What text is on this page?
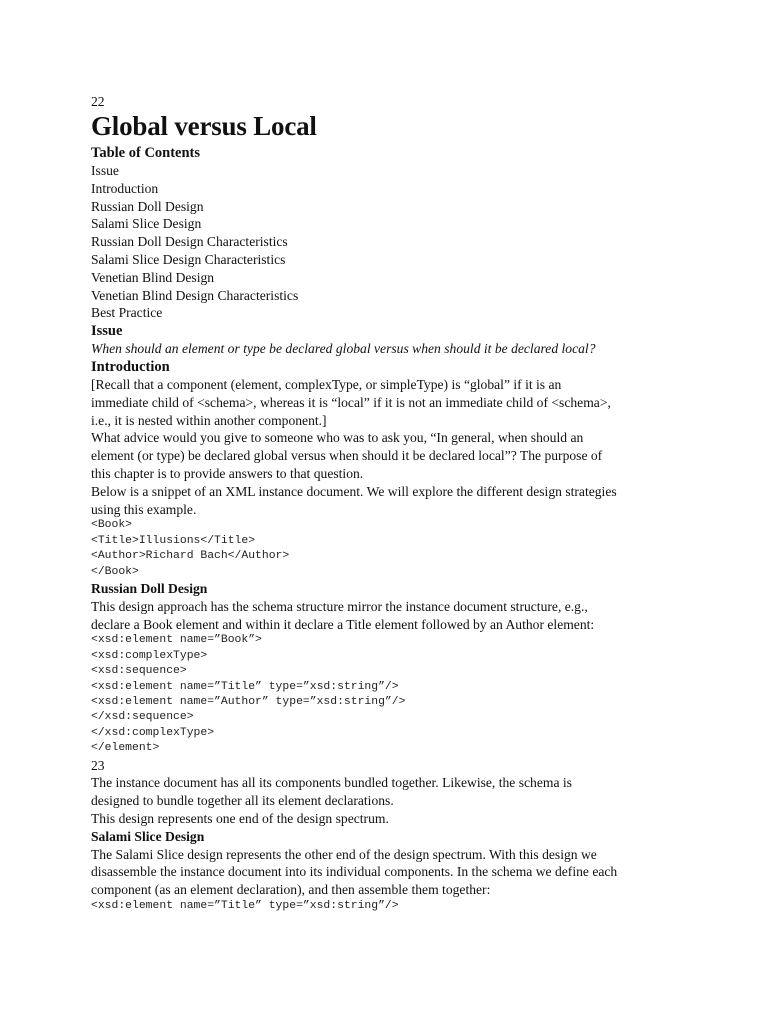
22
Global versus Local
Table of Contents
Issue
Introduction
Russian Doll Design
Salami Slice Design
Russian Doll Design Characteristics
Salami Slice Design Characteristics
Venetian Blind Design
Venetian Blind Design Characteristics
Best Practice
Issue
When should an element or type be declared global versus when should it be declared local?
Introduction
[Recall that a component (element, complexType, or simpleType) is “global” if it is an
immediate child of <schema>, whereas it is “local” if it is not an immediate child of <schema>,
i.e., it is nested within another component.]
What advice would you give to someone who was to ask you, “In general, when should an
element (or type) be declared global versus when should it be declared local”? The purpose of
this chapter is to provide answers to that question.
Below is a snippet of an XML instance document. We will explore the different design strategies
using this example.
<Book>
<Title>Illusions</Title>
<Author>Richard Bach</Author>
</Book>
Russian Doll Design
This design approach has the schema structure mirror the instance document structure, e.g.,
declare a Book element and within it declare a Title element followed by an Author element:
<xsd:element name=”Book”>
<xsd:complexType>
<xsd:sequence>
<xsd:element name=”Title” type=”xsd:string”/>
<xsd:element name=”Author” type=”xsd:string”/>
</xsd:sequence>
</xsd:complexType>
</element>
23
The instance document has all its components bundled together. Likewise, the schema is
designed to bundle together all its element declarations.
This design represents one end of the design spectrum.
Salami Slice Design
The Salami Slice design represents the other end of the design spectrum. With this design we
disassemble the instance document into its individual components. In the schema we define each
component (as an element declaration), and then assemble them together:
<xsd:element name=”Title” type=”xsd:string”/>
